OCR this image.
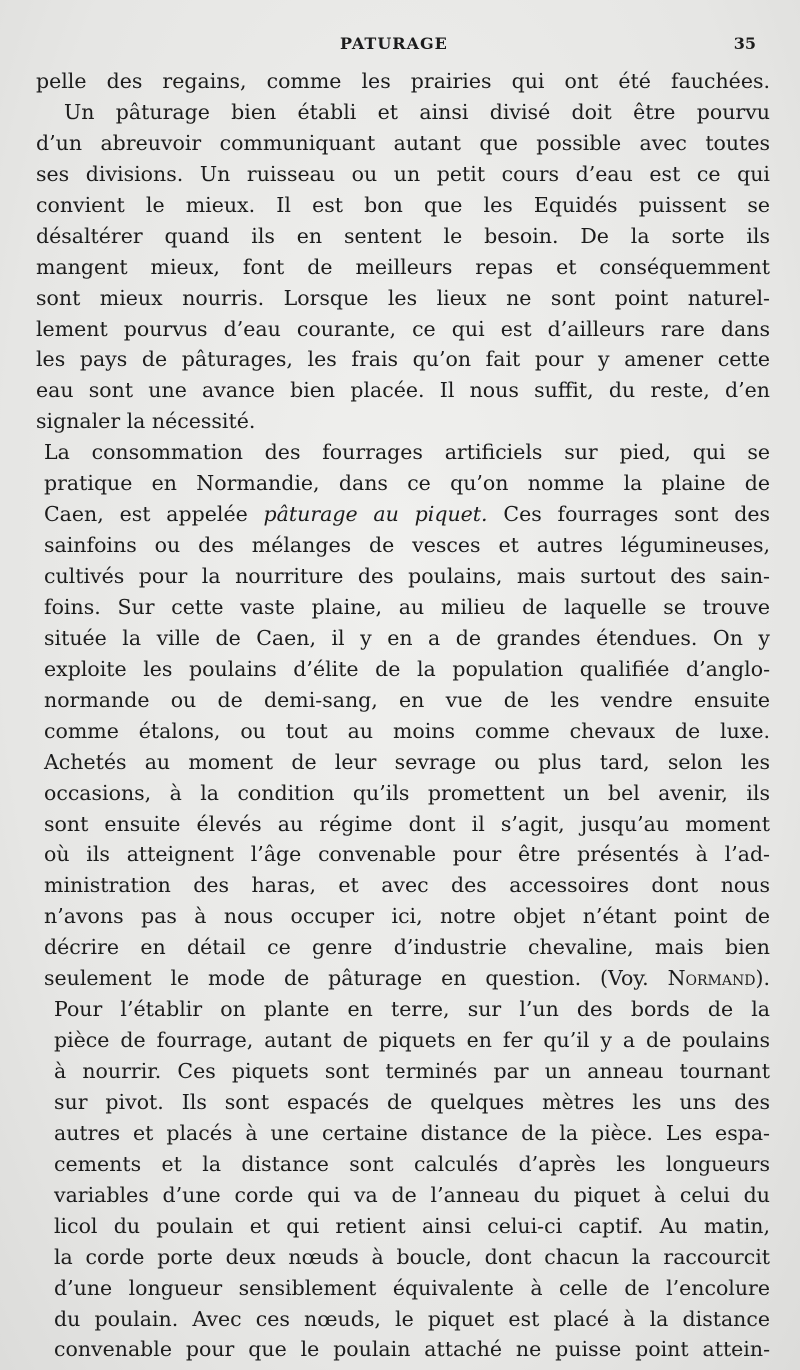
PATURAGE	35
pelle des regains, comme les prairies qui ont été fauchées.
Un pâturage bien établi et ainsi divisé doit être pourvu
d’un abreuvoir communiquant autant que possible avec toutes
ses divisions. Un ruisseau ou un petit cours d’eau est ce qui
convient le mieux. Il est bon que les Equidés puissent se
désaltérer quand ils en sentent le besoin. De la sorte ils
mangent mieux, font de meilleurs repas et conséquemment
sont mieux nourris. Lorsque les lieux ne sont point naturel-
lement pourvus d’eau courante, ce qui est d’ailleurs rare dans
les pays de pâturages, les frais qu’on fait pour y amener cette
eau sont une avance bien placée. Il nous suffit, du reste, d’en
signaler la nécessité.
La consommation des fourrages artificiels sur pied, qui se
pratique en Normandie, dans ce qu’on nomme la plaine de
Caen, est appelée pâturage au piquet. Ces fourrages sont des
sainfoins ou des mélanges de vesces et autres légumineuses,
cultivés pour la nourriture des poulains, mais surtout des sain-
foins. Sur cette vaste plaine, au milieu de laquelle se trouve
située la ville de Caen, il y en a de grandes étendues. On y
exploite les poulains d’élite de la population qualifiée d’anglo-
normande ou de demi-sang, en vue de les vendre ensuite
comme étalons, ou tout au moins comme chevaux de luxe.
Achetés au moment de leur sevrage ou plus tard, selon les
occasions, à la condition qu’ils promettent un bel avenir, ils
sont ensuite élevés au régime dont il s’agit, jusqu’au moment
où ils atteignent l’âge convenable pour être présentés à l’ad-
ministration des haras, et avec des accessoires dont nous
n’avons pas à nous occuper ici, notre objet n’étant point de
décrire en détail ce genre d’industrie chevaline, mais bien
seulement le mode de pâturage en question. (Voy. Normand).
Pour l’établir on plante en terre, sur l’un des bords de la
pièce de fourrage, autant de piquets en fer qu’il y a de poulains
à nourrir. Ces piquets sont terminés par un anneau tournant
sur pivot. Ils sont espacés de quelques mètres les uns des
autres et placés à une certaine distance de la pièce. Les espa-
cements et la distance sont calculés d’après les longueurs
variables d’une corde qui va de l’anneau du piquet à celui du
licol du poulain et qui retient ainsi celui-ci captif. Au matin,
la corde porte deux nœuds à boucle, dont chacun la raccourcit
d’une longueur sensiblement équivalente à celle de l’encolure
du poulain. Avec ces nœuds, le piquet est placé à la distance
convenable pour que le poulain attaché ne puisse point attein-
